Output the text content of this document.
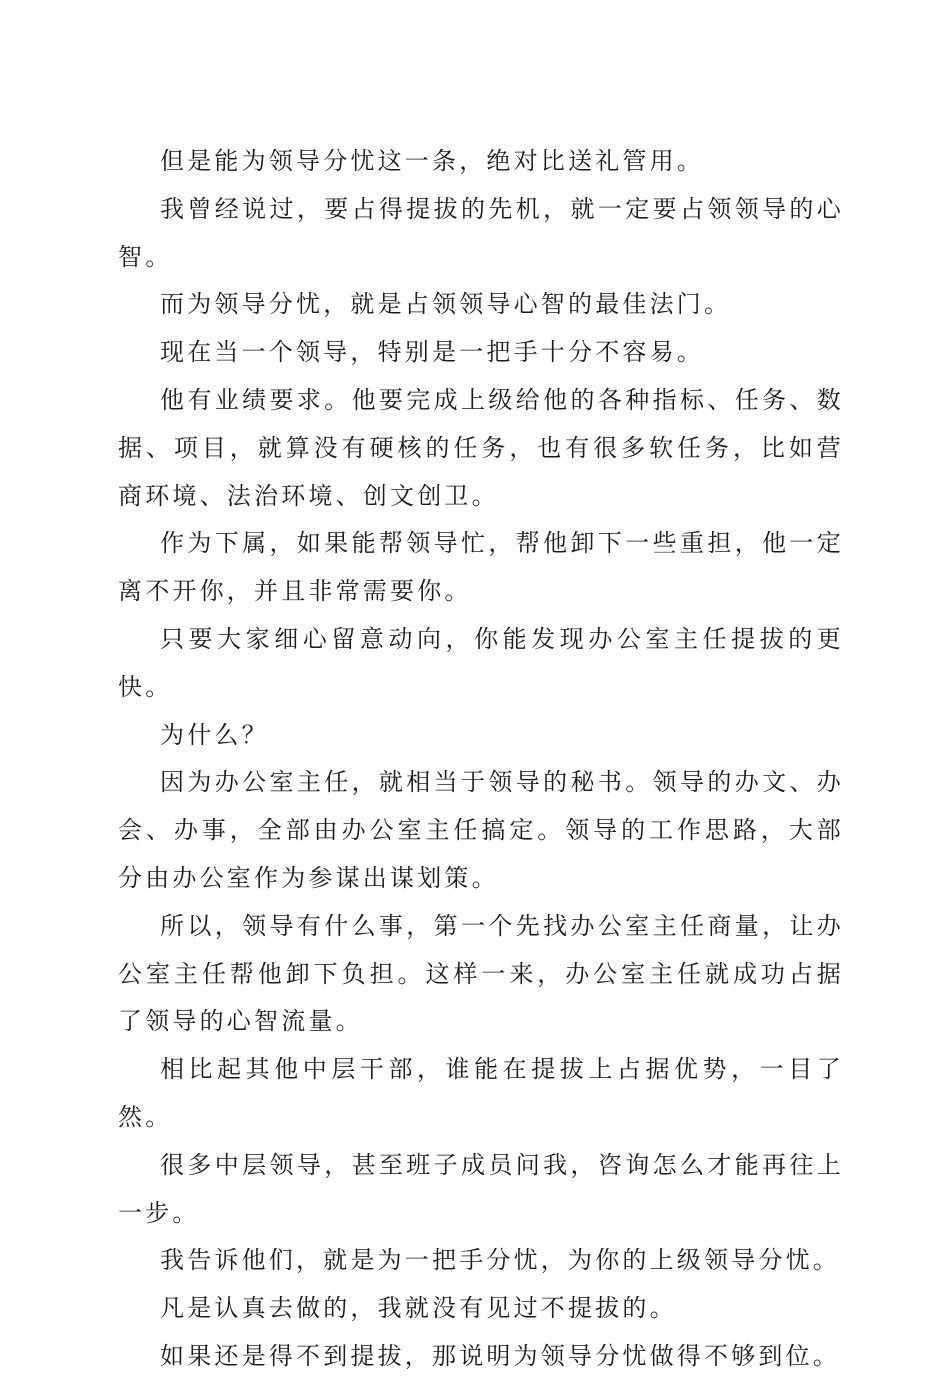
但是能为领导分忧这一条，绝对比送礼管用。

我曾经说过，要占得提拔的先机，就一定要占领领导的心智。

而为领导分忧，就是占领领导心智的最佳法门。

现在当一个领导，特别是一把手十分不容易。

他有业绩要求。他要完成上级给他的各种指标、任务、数据、项目，就算没有硬核的任务，也有很多软任务，比如营商环境、法治环境、创文创卫。

作为下属，如果能帮领导忙，帮他卸下一些重担，他一定离不开你，并且非常需要你。

只要大家细心留意动向，你能发现办公室主任提拔的更快。

为什么？

因为办公室主任，就相当于领导的秘书。领导的办文、办会、办事，全部由办公室主任搞定。领导的工作思路，大部分由办公室作为参谋出谋划策。

所以，领导有什么事，第一个先找办公室主任商量，让办公室主任帮他卸下负担。这样一来，办公室主任就成功占据了领导的心智流量。

相比起其他中层干部，谁能在提拔上占据优势，一目了然。

很多中层领导，甚至班子成员问我，咨询怎么才能再往上一步。

我告诉他们，就是为一把手分忧，为你的上级领导分忧。

凡是认真去做的，我就没有见过不提拔的。

如果还是得不到提拔，那说明为领导分忧做得不够到位。
